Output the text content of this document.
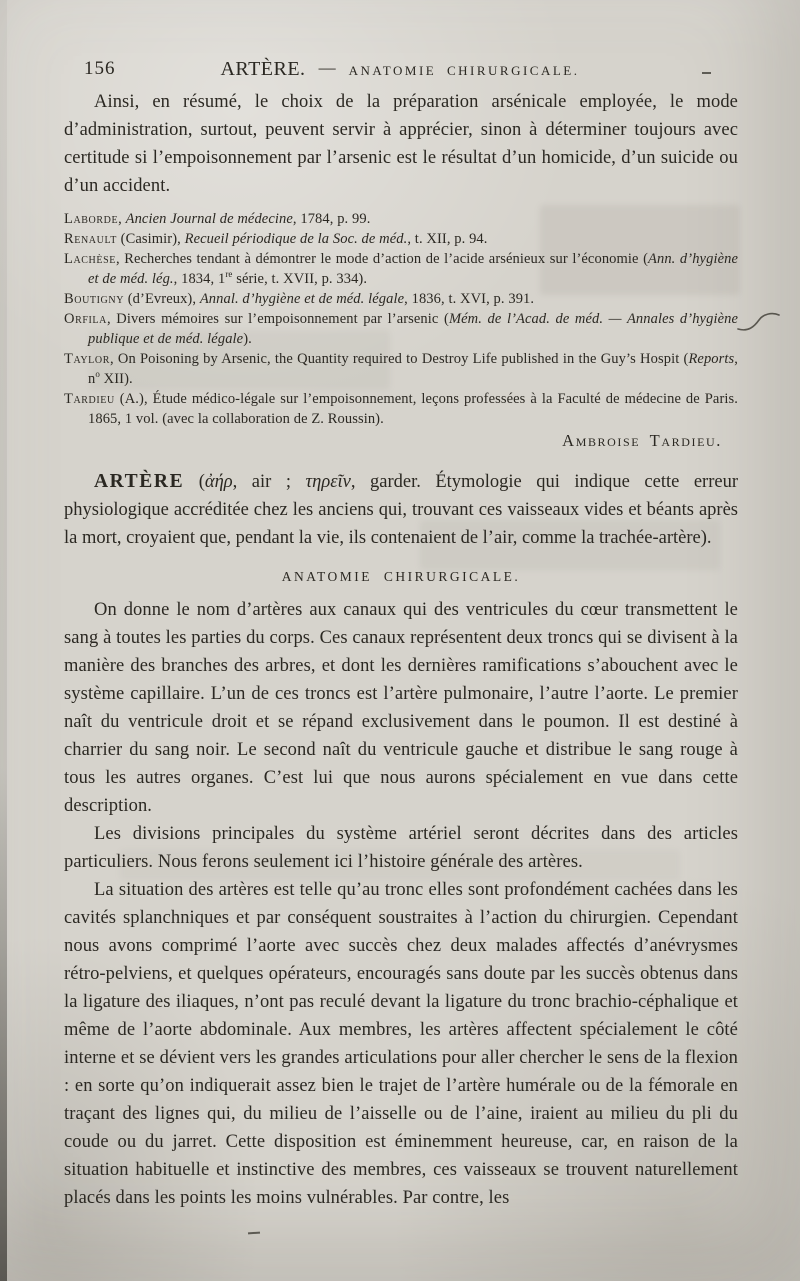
156	ARTÈRE. — ANATOMIE CHIRURGICALE.

Ainsi, en résumé, le choix de la préparation arsénicale employée, le mode d’administration, surtout, peuvent servir à apprécier, sinon à déterminer toujours avec certitude si l’empoisonnement par l’arsenic est le résultat d’un homicide, d’un suicide ou d’un accident.

Laborde, Ancien Journal de médecine, 1784, p. 99.

Renault (Casimir), Recueil périodique de la Soc. de méd., t. XII, p. 94.

Lachèse, Recherches tendant à démontrer le mode d’action de l’acide arsénieux sur l’économie (Ann. d’hygiène et de méd. lég., 1834, 1re série, t. XVII, p. 334).

Boutigny (d’Evreux), Annal. d’hygiène et de méd. légale, 1836, t. XVI, p. 391.

Orfila, Divers mémoires sur l’empoisonnement par l’arsenic (Mém. de l’Acad. de méd. — Annales d’hygiène publique et de méd. légale).

Taylor, On Poisoning by Arsenic, the Quantity required to Destroy Life published in the Guy’s Hospit (Reports, $n^o$ XII).

Tardieu (A.), Étude médico-légale sur l’empoisonnement, leçons professées à la Faculté de médecine de Paris. 1865, 1 vol. (avec la collaboration de Z. Roussin).

Ambroise Tardieu.

ARTÈRE (ἀήρ, air ; τηρεῖν, garder. Étymologie qui indique cette erreur physiologique accréditée chez les anciens qui, trouvant ces vaisseaux vides et béants après la mort, croyaient que, pendant la vie, ils contenaient de l’air, comme la trachée-artère).

ANATOMIE CHIRURGICALE.

On donne le nom d’artères aux canaux qui des ventricules du cœur transmettent le sang à toutes les parties du corps. Ces canaux représentent deux troncs qui se divisent à la manière des branches des arbres, et dont les dernières ramifications s’abouchent avec le système capillaire. L’un de ces troncs est l’artère pulmonaire, l’autre l’aorte. Le premier naît du ventricule droit et se répand exclusivement dans le poumon. Il est destiné à charrier du sang noir. Le second naît du ventricule gauche et distribue le sang rouge à tous les autres organes. C’est lui que nous aurons spécialement en vue dans cette description.

Les divisions principales du système artériel seront décrites dans des articles particuliers. Nous ferons seulement ici l’histoire générale des artères.

La situation des artères est telle qu’au tronc elles sont profondément cachées dans les cavités splanchniques et par conséquent soustraites à l’action du chirurgien. Cependant nous avons comprimé l’aorte avec succès chez deux malades affectés d’anévrysmes rétro-pelviens, et quelques opérateurs, encouragés sans doute par les succès obtenus dans la ligature des iliaques, n’ont pas reculé devant la ligature du tronc brachio-céphalique et même de l’aorte abdominale. Aux membres, les artères affectent spécialement le côté interne et se dévient vers les grandes articulations pour aller chercher le sens de la flexion : en sorte qu’on indiquerait assez bien le trajet de l’artère humérale ou de la fémorale en traçant des lignes qui, du milieu de l’aisselle ou de l’aine, iraient au milieu du pli du coude ou du jarret. Cette disposition est éminemment heureuse, car, en raison de la situation habituelle et instinctive des membres, ces vaisseaux se trouvent naturellement placés dans les points les moins vulnérables. Par contre, les
